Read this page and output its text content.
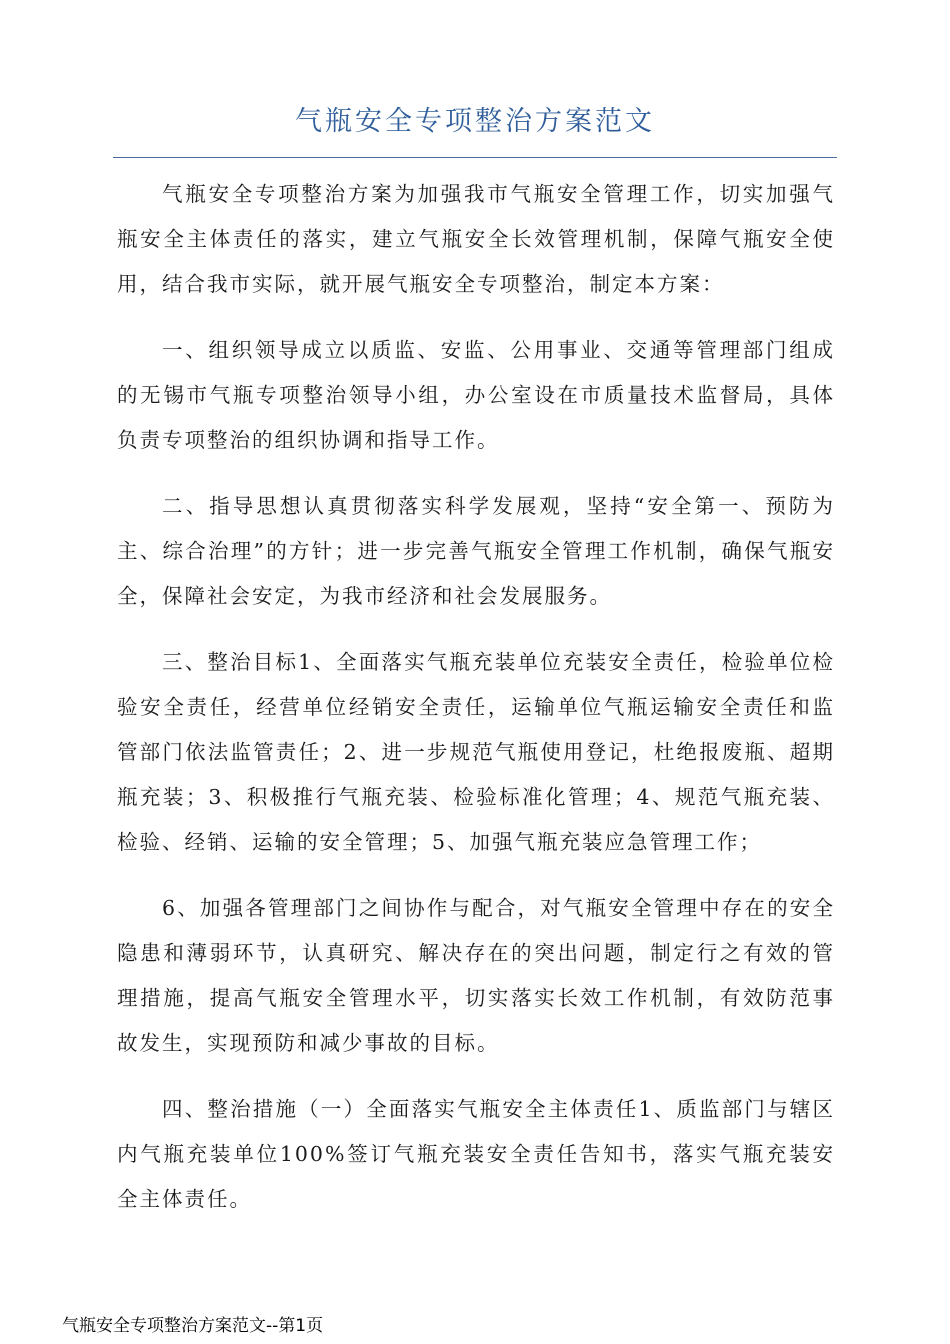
气瓶安全专项整治方案范文

气瓶安全专项整治方案为加强我市气瓶安全管理工作，切实加强气瓶安全主体责任的落实，建立气瓶安全长效管理机制，保障气瓶安全使用，结合我市实际，就开展气瓶安全专项整治，制定本方案：

一、组织领导成立以质监、安监、公用事业、交通等管理部门组成的无锡市气瓶专项整治领导小组，办公室设在市质量技术监督局，具体负责专项整治的组织协调和指导工作。

二、指导思想认真贯彻落实科学发展观，坚持“安全第一、预防为主、综合治理”的方针；进一步完善气瓶安全管理工作机制，确保气瓶安全，保障社会安定，为我市经济和社会发展服务。

三、整治目标1、全面落实气瓶充装单位充装安全责任，检验单位检验安全责任，经营单位经销安全责任，运输单位气瓶运输安全责任和监管部门依法监管责任；2、进一步规范气瓶使用登记，杜绝报废瓶、超期瓶充装；3、积极推行气瓶充装、检验标准化管理；4、规范气瓶充装、检验、经销、运输的安全管理；5、加强气瓶充装应急管理工作；

6、加强各管理部门之间协作与配合，对气瓶安全管理中存在的安全隐患和薄弱环节，认真研究、解决存在的突出问题，制定行之有效的管理措施，提高气瓶安全管理水平，切实落实长效工作机制，有效防范事故发生，实现预防和减少事故的目标。

四、整治措施（一）全面落实气瓶安全主体责任1、质监部门与辖区内气瓶充装单位100%签订气瓶充装安全责任告知书，落实气瓶充装安全主体责任。

气瓶安全专项整治方案范文--第1页
